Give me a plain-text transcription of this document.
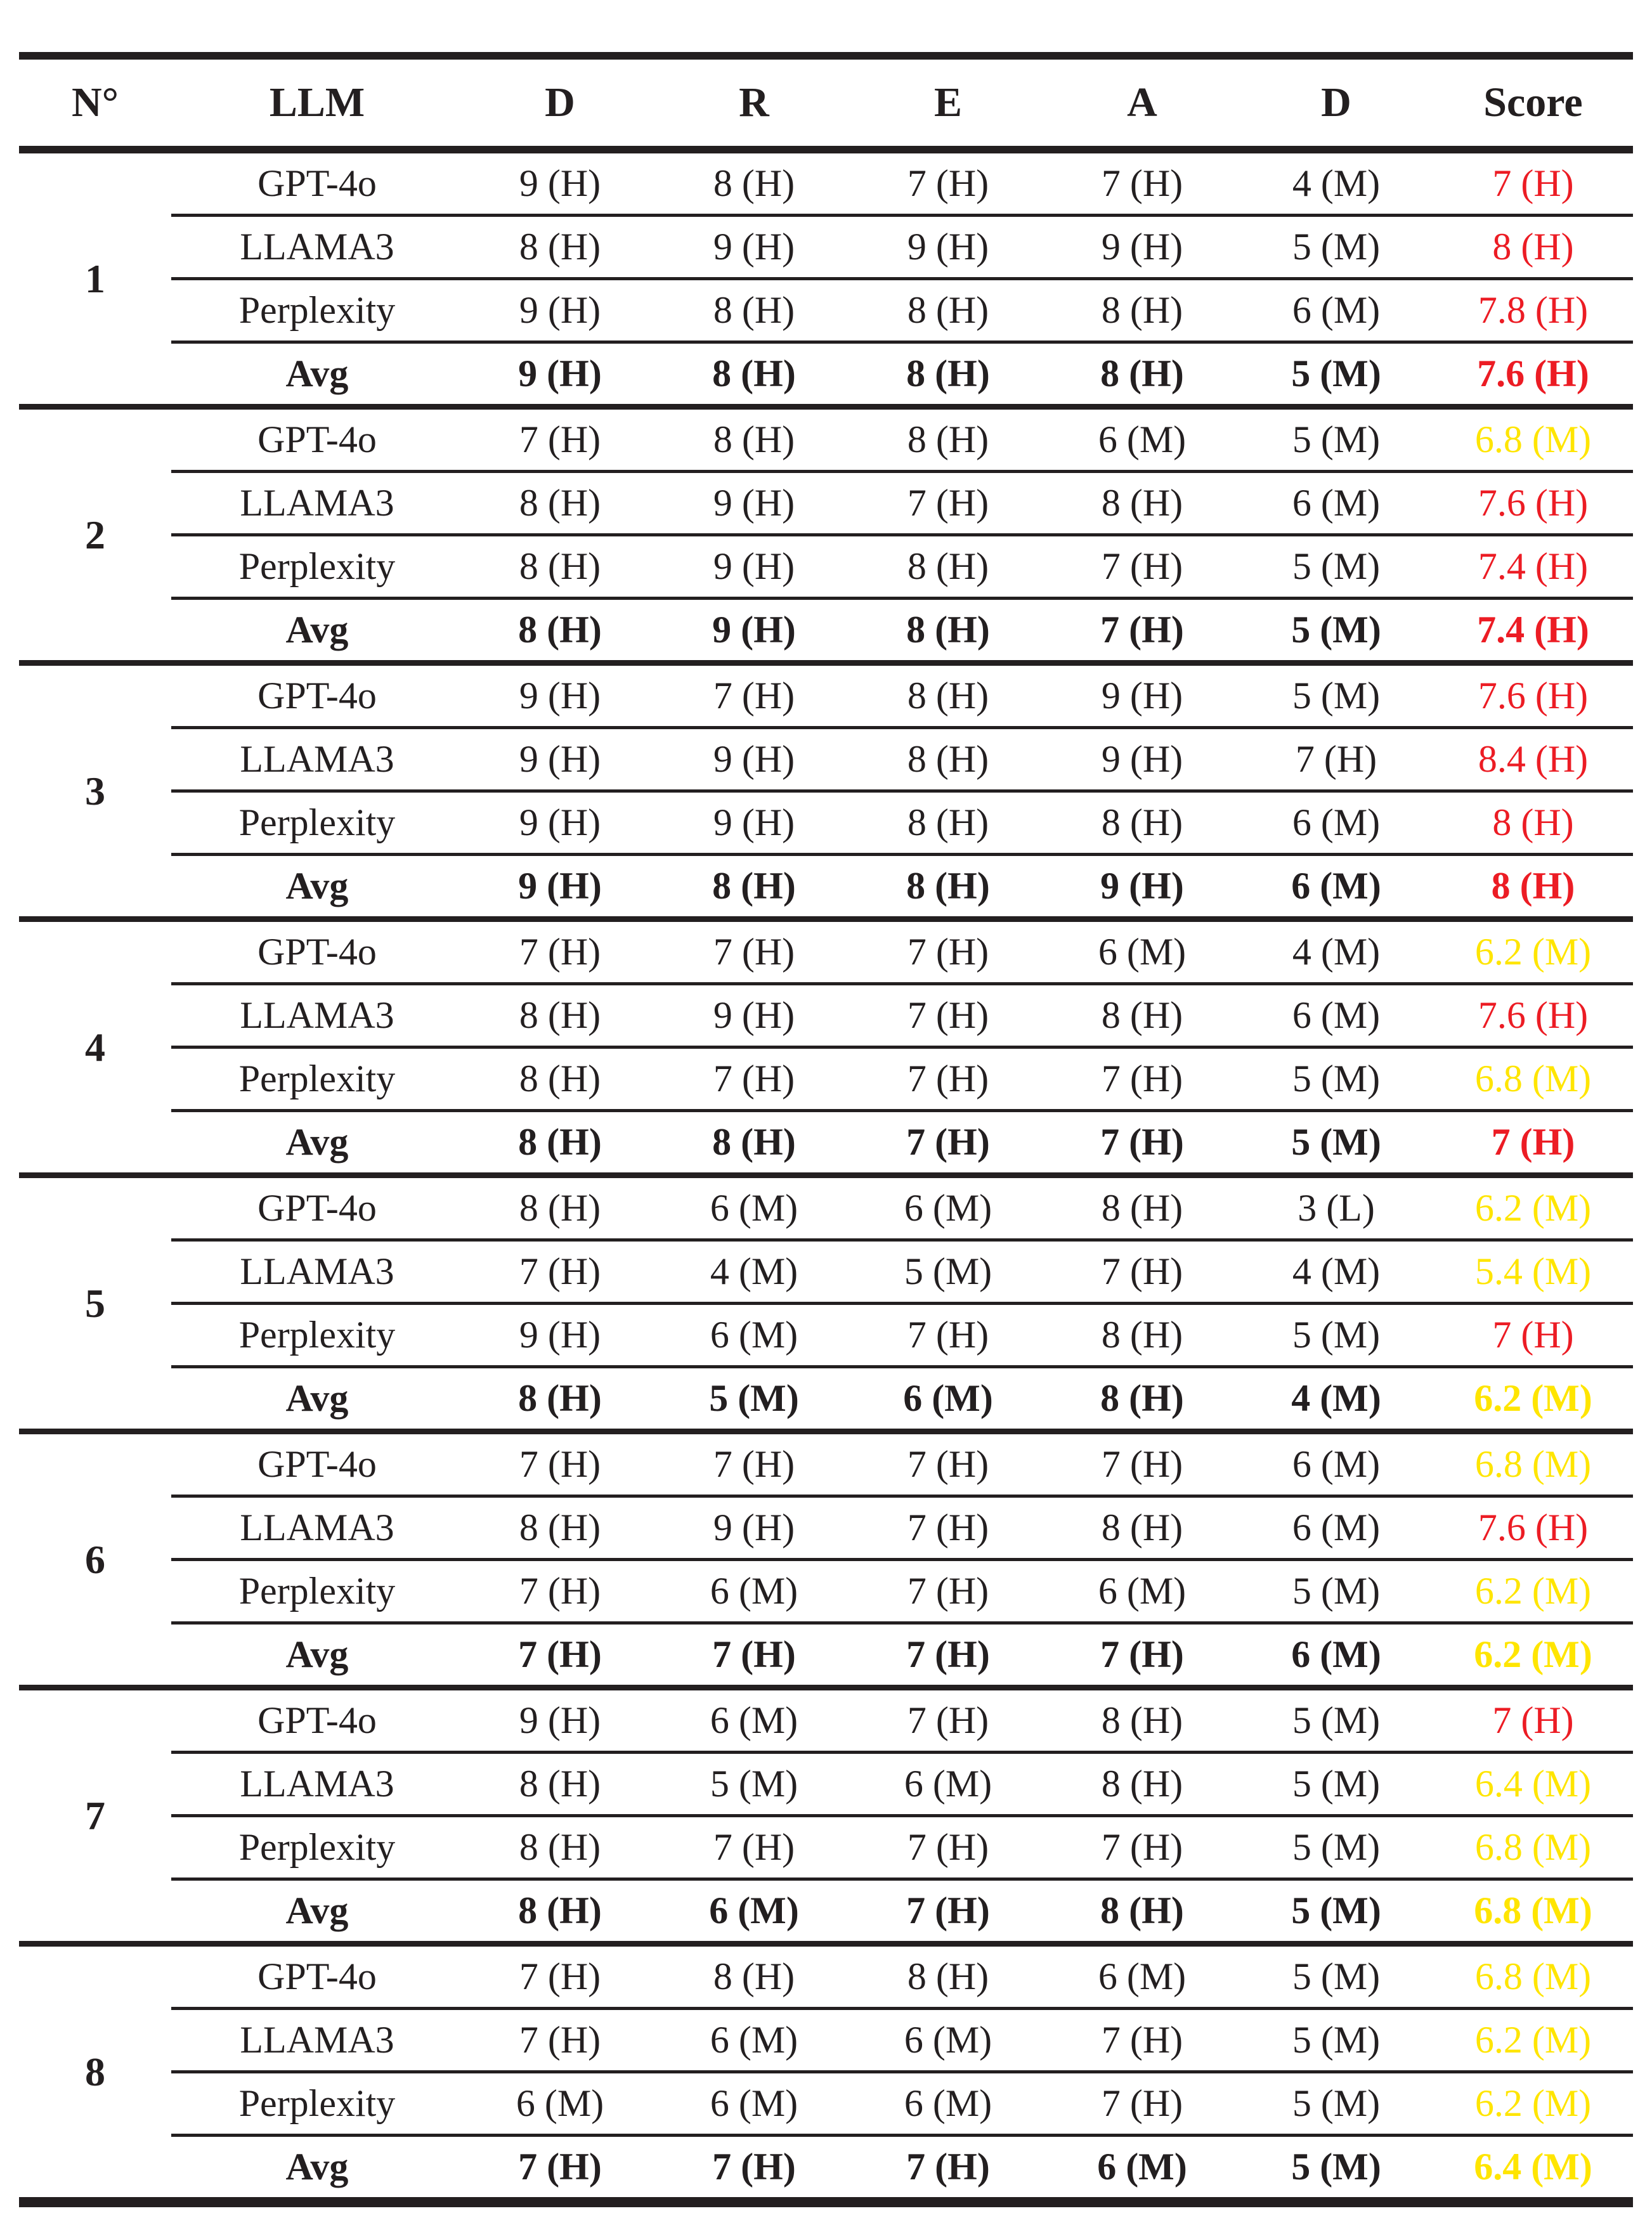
N°	LLM	D	R	E	A	D	Score
1	GPT-4o	9 (H)	8 (H)	7 (H)	7 (H)	4 (M)	7 (H)
	LLAMA3	8 (H)	9 (H)	9 (H)	9 (H)	5 (M)	8 (H)
	Perplexity	9 (H)	8 (H)	8 (H)	8 (H)	6 (M)	7.8 (H)
	Avg	9 (H)	8 (H)	8 (H)	8 (H)	5 (M)	7.6 (H)
2	GPT-4o	7 (H)	8 (H)	8 (H)	6 (M)	5 (M)	6.8 (M)
	LLAMA3	8 (H)	9 (H)	7 (H)	8 (H)	6 (M)	7.6 (H)
	Perplexity	8 (H)	9 (H)	8 (H)	7 (H)	5 (M)	7.4 (H)
	Avg	8 (H)	9 (H)	8 (H)	7 (H)	5 (M)	7.4 (H)
3	GPT-4o	9 (H)	7 (H)	8 (H)	9 (H)	5 (M)	7.6 (H)
	LLAMA3	9 (H)	9 (H)	8 (H)	9 (H)	7 (H)	8.4 (H)
	Perplexity	9 (H)	9 (H)	8 (H)	8 (H)	6 (M)	8 (H)
	Avg	9 (H)	8 (H)	8 (H)	9 (H)	6 (M)	8 (H)
4	GPT-4o	7 (H)	7 (H)	7 (H)	6 (M)	4 (M)	6.2 (M)
	LLAMA3	8 (H)	9 (H)	7 (H)	8 (H)	6 (M)	7.6 (H)
	Perplexity	8 (H)	7 (H)	7 (H)	7 (H)	5 (M)	6.8 (M)
	Avg	8 (H)	8 (H)	7 (H)	7 (H)	5 (M)	7 (H)
5	GPT-4o	8 (H)	6 (M)	6 (M)	8 (H)	3 (L)	6.2 (M)
	LLAMA3	7 (H)	4 (M)	5 (M)	7 (H)	4 (M)	5.4 (M)
	Perplexity	9 (H)	6 (M)	7 (H)	8 (H)	5 (M)	7 (H)
	Avg	8 (H)	5 (M)	6 (M)	8 (H)	4 (M)	6.2 (M)
6	GPT-4o	7 (H)	7 (H)	7 (H)	7 (H)	6 (M)	6.8 (M)
	LLAMA3	8 (H)	9 (H)	7 (H)	8 (H)	6 (M)	7.6 (H)
	Perplexity	7 (H)	6 (M)	7 (H)	6 (M)	5 (M)	6.2 (M)
	Avg	7 (H)	7 (H)	7 (H)	7 (H)	6 (M)	6.2 (M)
7	GPT-4o	9 (H)	6 (M)	7 (H)	8 (H)	5 (M)	7 (H)
	LLAMA3	8 (H)	5 (M)	6 (M)	8 (H)	5 (M)	6.4 (M)
	Perplexity	8 (H)	7 (H)	7 (H)	7 (H)	5 (M)	6.8 (M)
	Avg	8 (H)	6 (M)	7 (H)	8 (H)	5 (M)	6.8 (M)
8	GPT-4o	7 (H)	8 (H)	8 (H)	6 (M)	5 (M)	6.8 (M)
	LLAMA3	7 (H)	6 (M)	6 (M)	7 (H)	5 (M)	6.2 (M)
	Perplexity	6 (M)	6 (M)	6 (M)	7 (H)	5 (M)	6.2 (M)
	Avg	7 (H)	7 (H)	7 (H)	6 (M)	5 (M)	6.4 (M)
